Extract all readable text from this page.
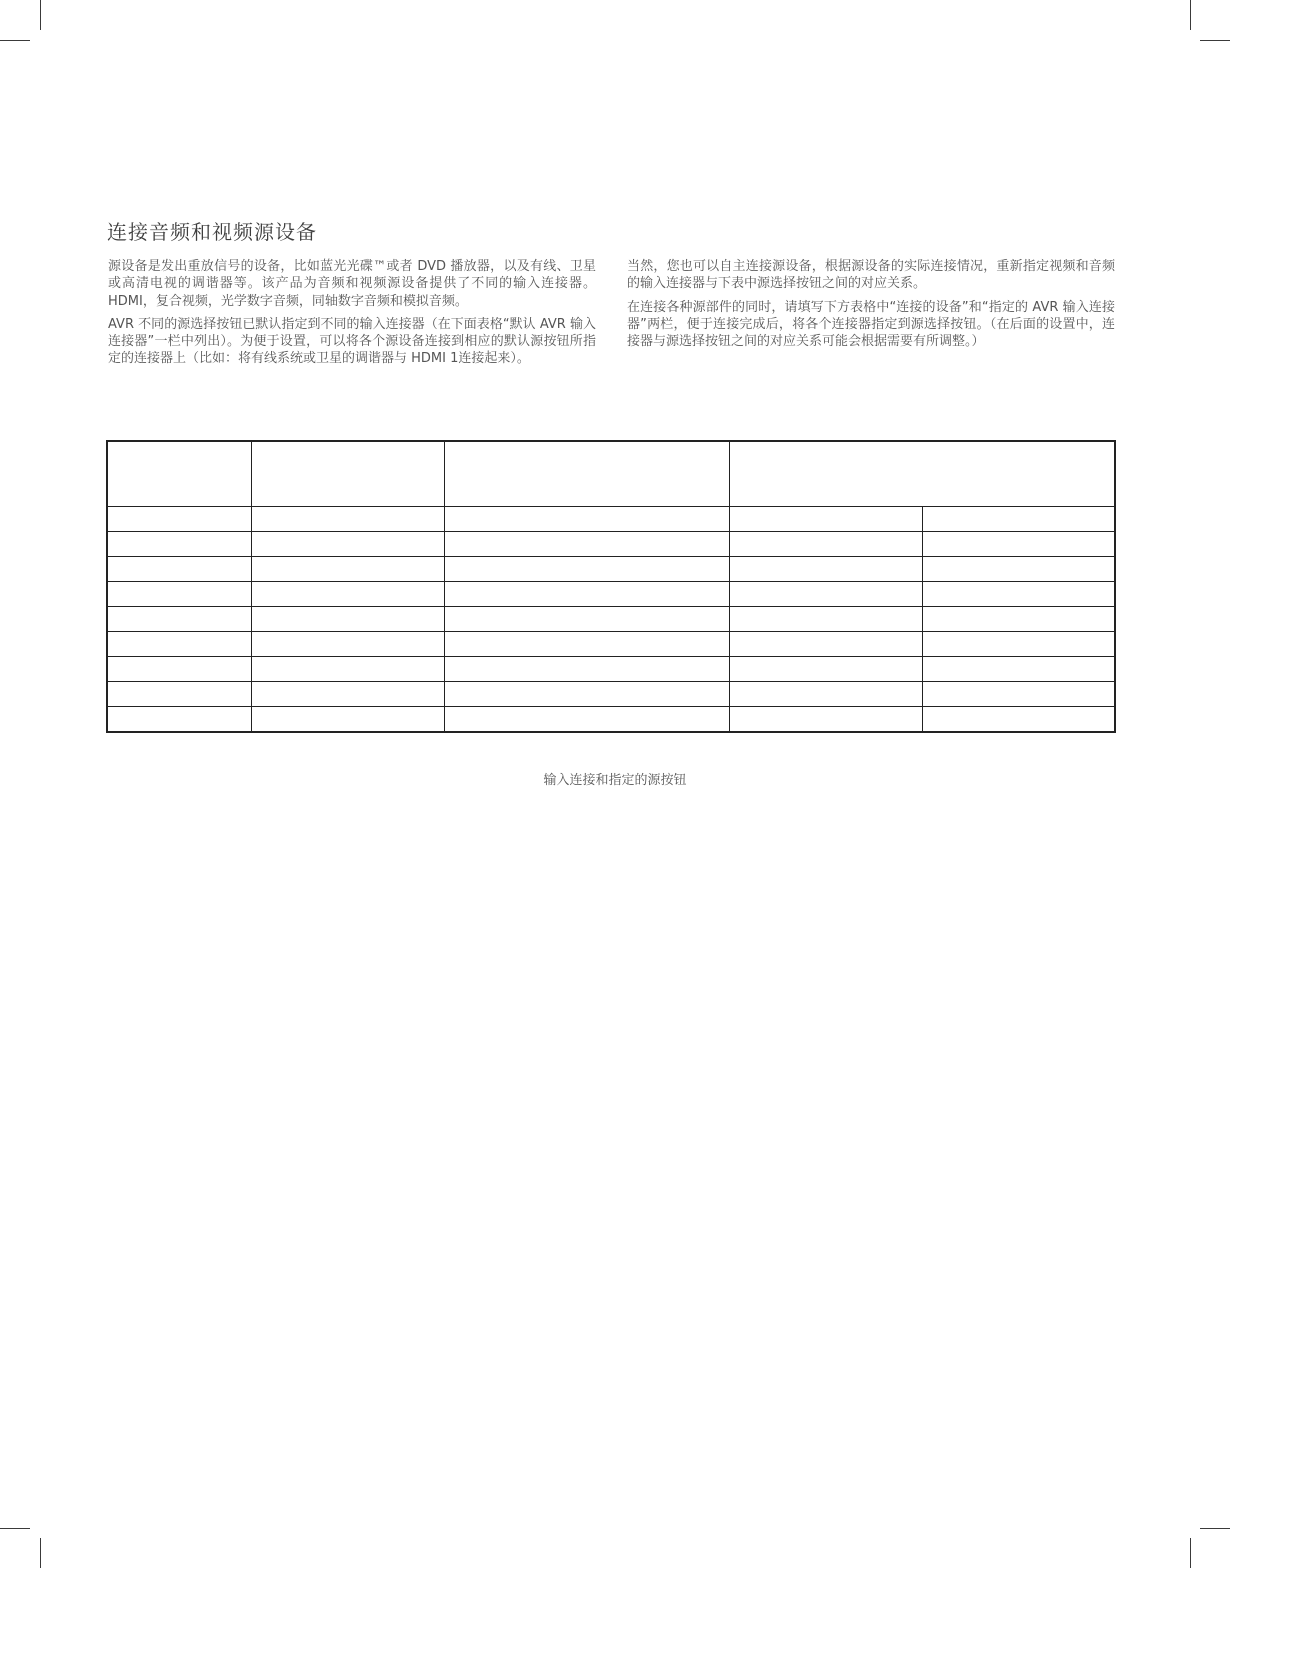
连接音频和视频源设备

源设备是发出重放信号的设备，比如蓝光光碟™或者 DVD 播放器，以及有线、卫星或高清电视的调谐器等。该产品为音频和视频源设备提供了不同的输入连接器。HDMI，复合视频，光学数字音频，同轴数字音频和模拟音频。

AVR 不同的源选择按钮已默认指定到不同的输入连接器（在下面表格“默认 AVR 输入连接器”一栏中列出）。为便于设置，可以将各个源设备连接到相应的默认源按钮所指定的连接器上（比如：将有线系统或卫星的调谐器与 HDMI 1连接起来）。

当然，您也可以自主连接源设备，根据源设备的实际连接情况，重新指定视频和音频的输入连接器与下表中源选择按钮之间的对应关系。

在连接各种源部件的同时，请填写下方表格中“连接的设备”和“指定的 AVR 输入连接器”两栏，便于连接完成后，将各个连接器指定到源选择按钮。（在后面的设置中，连接器与源选择按钮之间的对应关系可能会根据需要有所调整。）

输入连接和指定的源按钮
